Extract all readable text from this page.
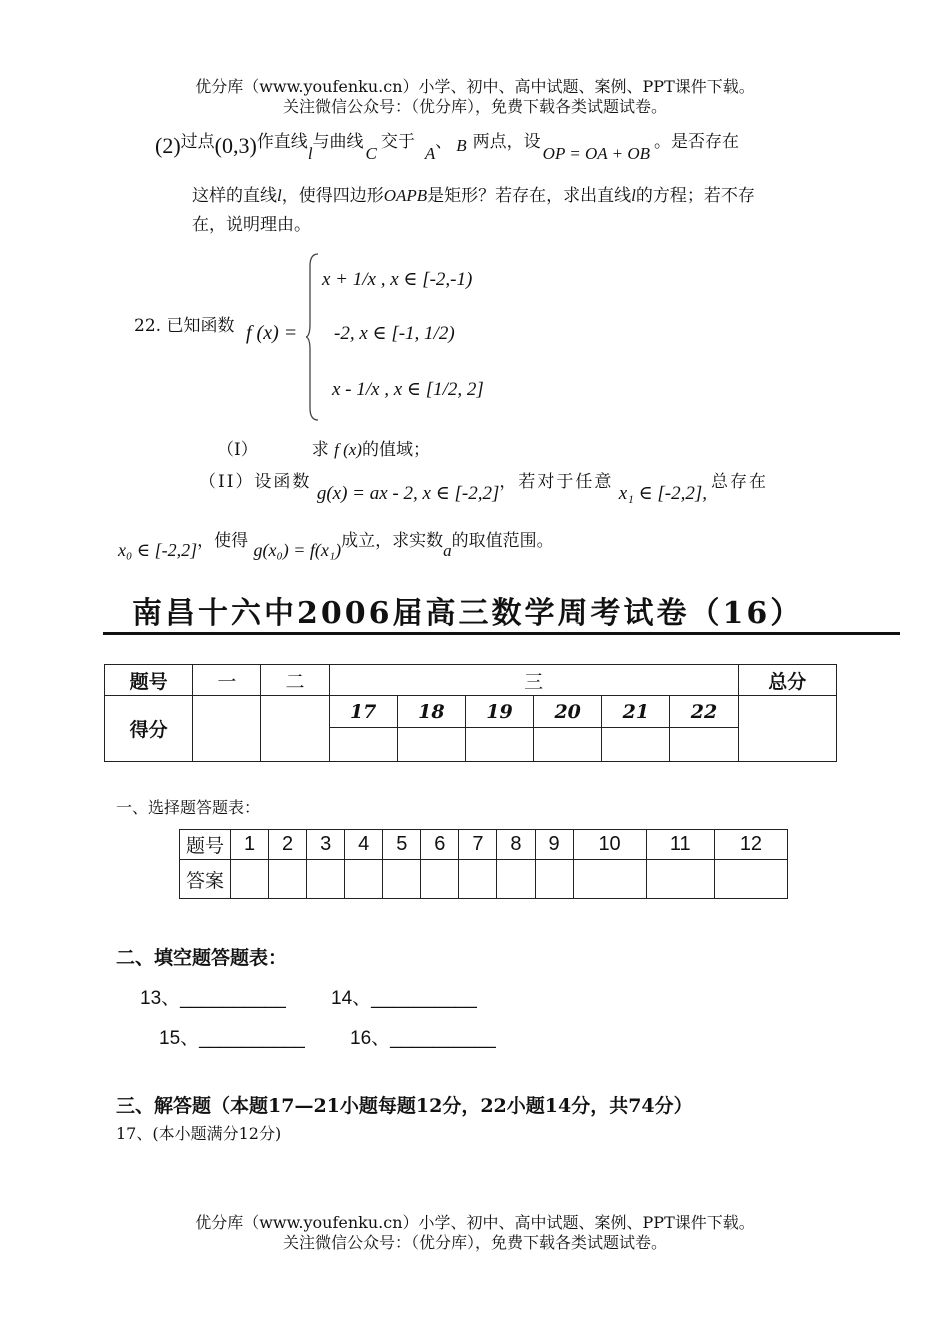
优分库（www.youfenku.cn）小学、初中、高中试题、案例、PPT课件下载。
关注微信公众号：（优分库），免费下载各类试题试卷。
(2)过点(0,3)作直线l与曲线C交于A、 B 两点，设OP = OA + OB。是否存在
这样的直线l，使得四边形OAPB是矩形？若存在，求出直线l的方程；若不存
在，说明理由。
22. 已知函数 f (x) =
x + 1/x , x ∈ [-2,-1)
-2, x ∈ [-1, 1/2)
x - 1/x , x ∈ [1/2, 2]
（I）	求 f (x)的值域；
（II）设函数 g(x) = ax - 2, x ∈ [-2,2]，若对于任意 x₁ ∈ [-2,2],总存在
x₀ ∈ [-2,2]，使得 g(x₀) = f(x₁)成立，求实数a的取值范围。
南昌十六中2006届高三数学周考试卷（16）
题号	一	二	三						总分
得分			17	18	19	20	21	22	

一、选择题答题表：
题号	1	2	3	4	5	6	7	8	9	10	11	12
答案												
二、填空题答题表：
13、__________ 14、__________
15、__________ 16、__________
三、解答题（本题17—21小题每题12分，22小题14分，共74分）
17、(本小题满分12分)
优分库（www.youfenku.cn）小学、初中、高中试题、案例、PPT课件下载。
关注微信公众号：（优分库），免费下载各类试题试卷。
